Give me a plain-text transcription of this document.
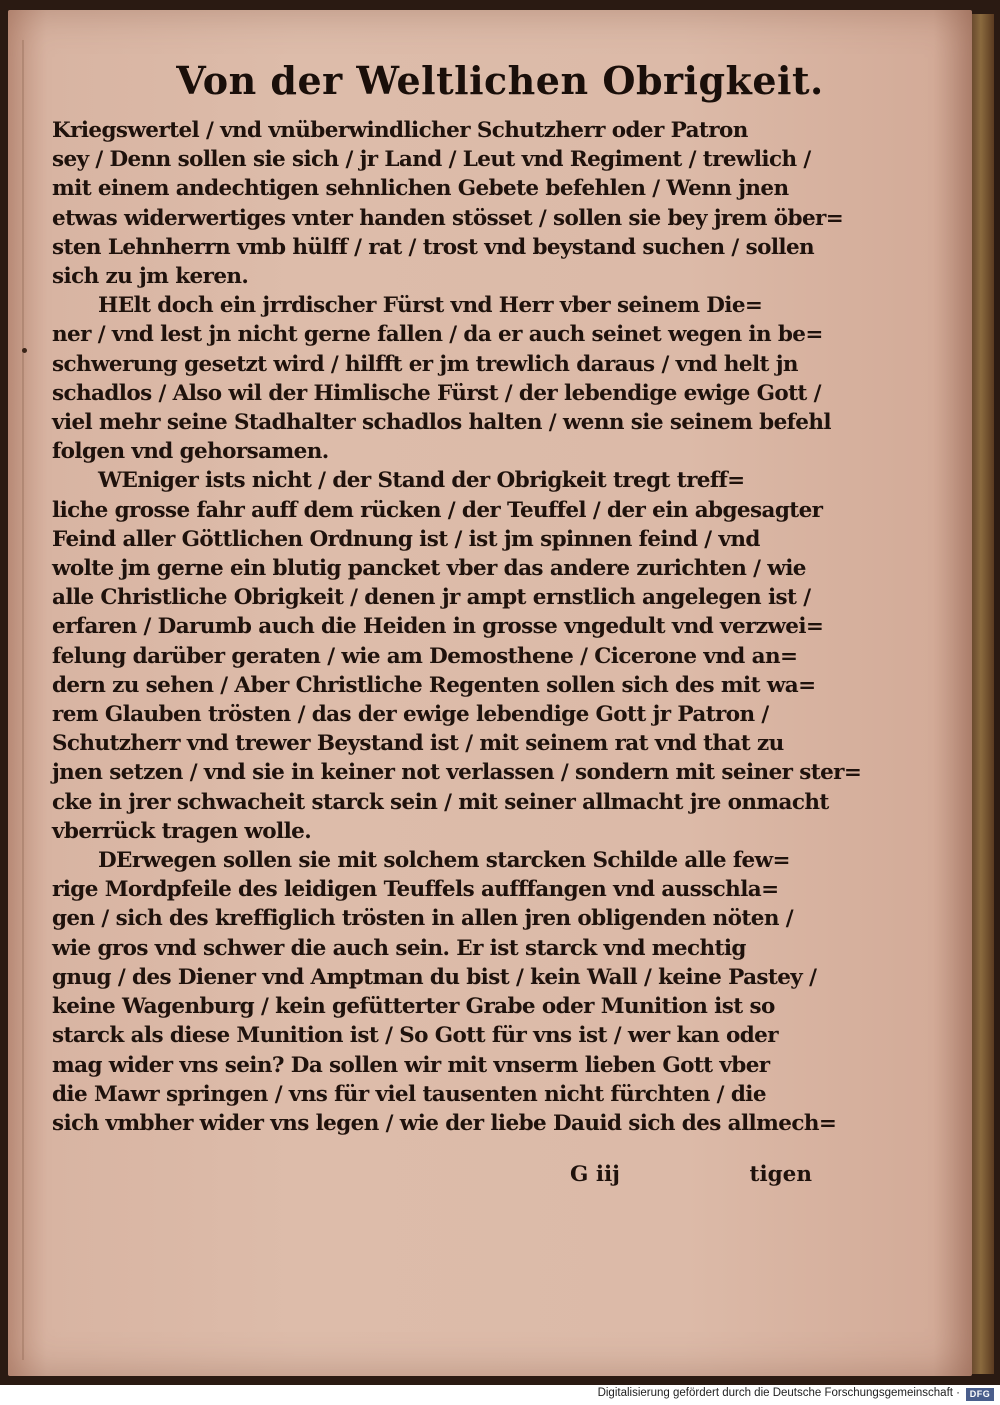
Von der Weltlichen Obrigkeit.
Kriegswertel / vnd vnüberwindlicher Schutzherr oder Patron
sey / Denn sollen sie sich / jr Land / Leut vnd Regiment / trewlich /
mit einem andechtigen sehnlichen Gebete befehlen / Wenn jnen
etwas widerwertiges vnter handen stösset / sollen sie bey jrem öber=
sten Lehnherrn vmb hülff / rat / trost vnd beystand suchen / sollen
sich zu jm keren.
HElt doch ein jrrdischer Fürst vnd Herr vber seinem Die=
ner / vnd lest jn nicht gerne fallen / da er auch seinet wegen in be=
schwerung gesetzt wird / hilfft er jm trewlich daraus / vnd helt jn
schadlos / Also wil der Himlische Fürst / der lebendige ewige Gott /
viel mehr seine Stadhalter schadlos halten / wenn sie seinem befehl
folgen vnd gehorsamen.
WEniger ists nicht / der Stand der Obrigkeit tregt treff=
liche grosse fahr auff dem rücken / der Teuffel / der ein abgesagter
Feind aller Göttlichen Ordnung ist / ist jm spinnen feind / vnd
wolte jm gerne ein blutig pancket vber das andere zurichten / wie
alle Christliche Obrigkeit / denen jr ampt ernstlich angelegen ist /
erfaren / Darumb auch die Heiden in grosse vngedult vnd verzwei=
felung darüber geraten / wie am Demosthene / Cicerone vnd an=
dern zu sehen / Aber Christliche Regenten sollen sich des mit wa=
rem Glauben trösten / das der ewige lebendige Gott jr Patron /
Schutzherr vnd trewer Beystand ist / mit seinem rat vnd that zu
jnen setzen / vnd sie in keiner not verlassen / sondern mit seiner ster=
cke in jrer schwacheit starck sein / mit seiner allmacht jre onmacht
vberrück tragen wolle.
DErwegen sollen sie mit solchem starcken Schilde alle few=
rige Mordpfeile des leidigen Teuffels aufffangen vnd ausschla=
gen / sich des kreffiglich trösten in allen jren obligenden nöten /
wie gros vnd schwer die auch sein. Er ist starck vnd mechtig
gnug / des Diener vnd Amptman du bist / kein Wall / keine Pastey /
keine Wagenburg / kein gefütterter Grabe oder Munition ist so
starck als diese Munition ist / So Gott für vns ist / wer kan oder
mag wider vns sein? Da sollen wir mit vnserm lieben Gott vber
die Mawr springen / vns für viel tausenten nicht fürchten / die
sich vmbher wider vns legen / wie der liebe Dauid sich des allmech=
G iij	tigen
Digitalisierung gefördert durch die Deutsche Forschungsgemeinschaft ·	DFG
